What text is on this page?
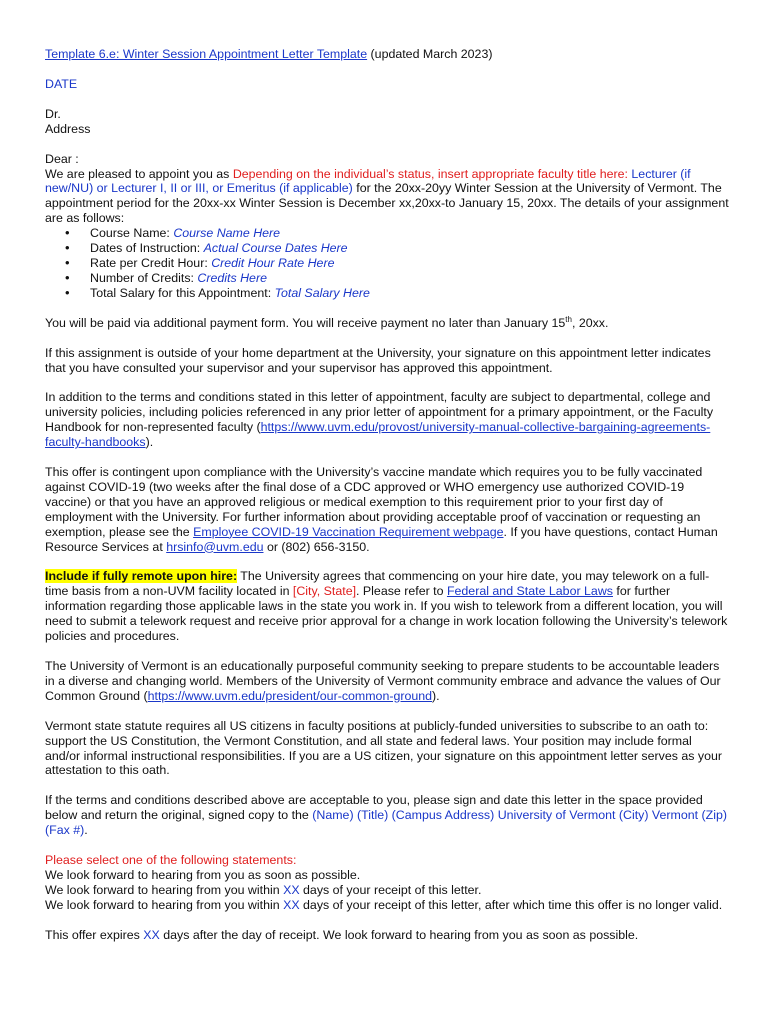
Template 6.e: Winter Session Appointment Letter Template (updated March 2023)

DATE

Dr.

Address

Dear :

We are pleased to appoint you as Depending on the individual’s status, insert appropriate faculty title here: Lecturer (if new/NU) or Lecturer I, II or III, or Emeritus (if applicable) for the 20xx-20yy Winter Session at the University of Vermont. The appointment period for the 20xx-xx Winter Session is December xx,20xx-to January 15, 20xx. The details of your assignment are as follows:

• Course Name: Course Name Here
• Dates of Instruction: Actual Course Dates Here
• Rate per Credit Hour: Credit Hour Rate Here
• Number of Credits: Credits Here
• Total Salary for this Appointment: Total Salary Here

You will be paid via additional payment form. You will receive payment no later than January 15th, 20xx.

If this assignment is outside of your home department at the University, your signature on this appointment letter indicates that you have consulted your supervisor and your supervisor has approved this appointment.

In addition to the terms and conditions stated in this letter of appointment, faculty are subject to departmental, college and university policies, including policies referenced in any prior letter of appointment for a primary appointment, or the Faculty Handbook for non-represented faculty (https://www.uvm.edu/provost/university-manual-collective-bargaining-agreements-
faculty-handbooks).

This offer is contingent upon compliance with the University’s vaccine mandate which requires you to be fully vaccinated against COVID-19 (two weeks after the final dose of a CDC approved or WHO emergency use authorized COVID-19 vaccine) or that you have an approved religious or medical exemption to this requirement prior to your first day of employment with the University. For further information about providing acceptable proof of vaccination or requesting an exemption, please see the Employee COVID-19 Vaccination Requirement webpage. If you have questions, contact Human Resource Services at hrsinfo@uvm.edu or (802) 656-3150.

Include if fully remote upon hire: The University agrees that commencing on your hire date, you may telework on a full-time basis from a non-UVM facility located in [City, State]. Please refer to Federal and State Labor Laws for further information regarding those applicable laws in the state you work in. If you wish to telework from a different location, you will need to submit a telework request and receive prior approval for a change in work location following the University’s telework policies and procedures.

The University of Vermont is an educationally purposeful community seeking to prepare students to be accountable leaders in a diverse and changing world. Members of the University of Vermont community embrace and advance the values of Our Common Ground (https://www.uvm.edu/president/our-common-ground).

Vermont state statute requires all US citizens in faculty positions at publicly-funded universities to subscribe to an oath to: support the US Constitution, the Vermont Constitution, and all state and federal laws. Your position may include formal and/or informal instructional responsibilities. If you are a US citizen, your signature on this appointment letter serves as your attestation to this oath.

If the terms and conditions described above are acceptable to you, please sign and date this letter in the space provided below and return the original, signed copy to the (Name) (Title) (Campus Address) University of Vermont (City) Vermont (Zip) (Fax #).

Please select one of the following statements:

We look forward to hearing from you as soon as possible.

We look forward to hearing from you within XX days of your receipt of this letter.

We look forward to hearing from you within XX days of your receipt of this letter, after which time this offer is no longer valid.

This offer expires XX days after the day of receipt. We look forward to hearing from you as soon as possible.
